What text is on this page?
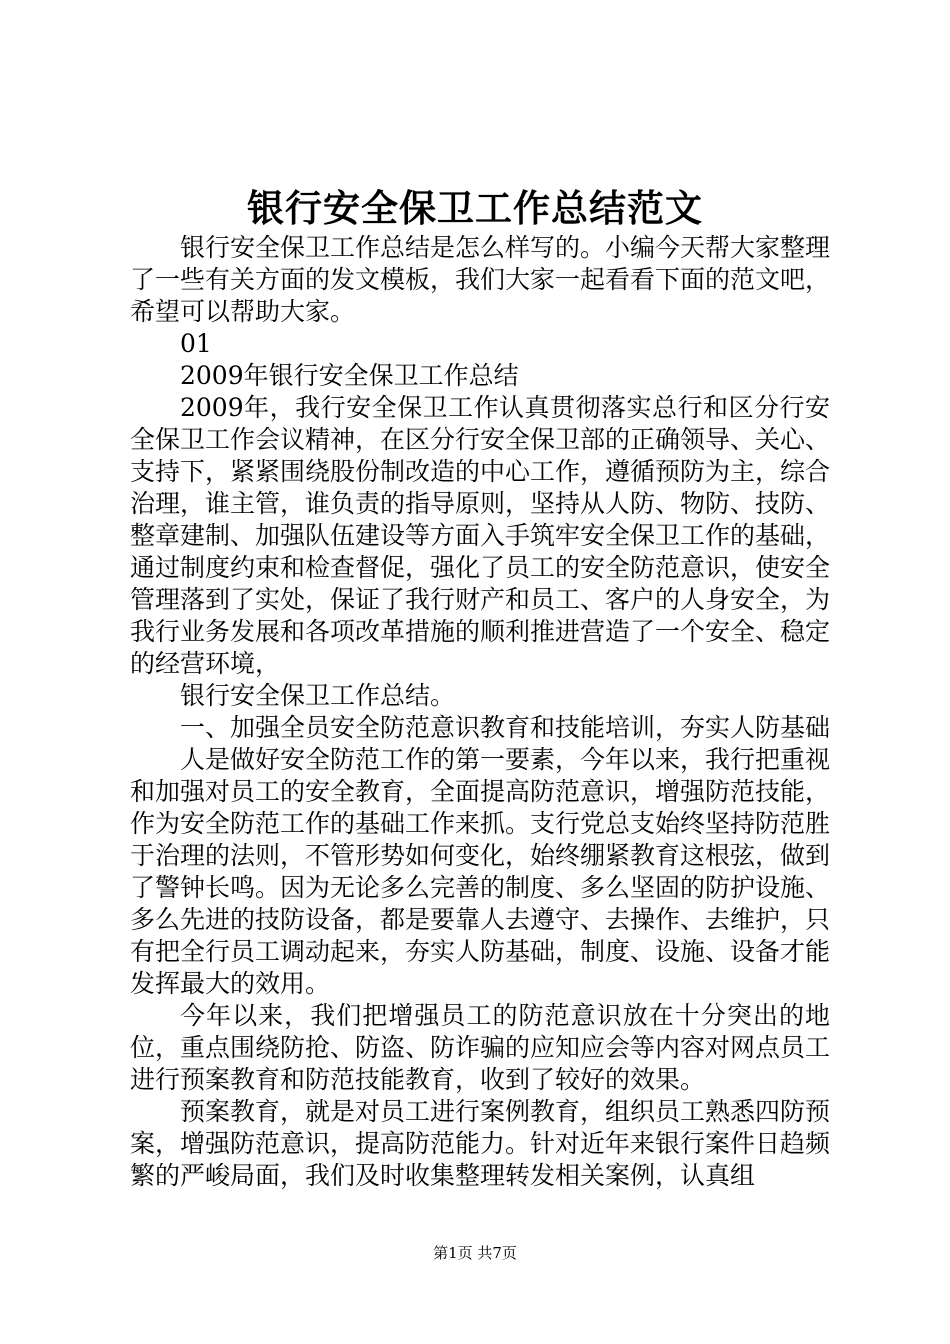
银行安全保卫工作总结范文

银行安全保卫工作总结是怎么样写的。小编今天帮大家整理了一些有关方面的发文模板，我们大家一起看看下面的范文吧，希望可以帮助大家。

01

2009年银行安全保卫工作总结

2009年，我行安全保卫工作认真贯彻落实总行和区分行安全保卫工作会议精神，在区分行安全保卫部的正确领导、关心、支持下，紧紧围绕股份制改造的中心工作，遵循预防为主，综合治理，谁主管，谁负责的指导原则，坚持从人防、物防、技防、整章建制、加强队伍建设等方面入手筑牢安全保卫工作的基础，通过制度约束和检查督促，强化了员工的安全防范意识，使安全管理落到了实处，保证了我行财产和员工、客户的人身安全，为我行业务发展和各项改革措施的顺利推进营造了一个安全、稳定的经营环境，

银行安全保卫工作总结。

一、加强全员安全防范意识教育和技能培训，夯实人防基础

人是做好安全防范工作的第一要素，今年以来，我行把重视和加强对员工的安全教育，全面提高防范意识，增强防范技能，作为安全防范工作的基础工作来抓。支行党总支始终坚持防范胜于治理的法则，不管形势如何变化，始终绷紧教育这根弦，做到了警钟长鸣。因为无论多么完善的制度、多么坚固的防护设施、多么先进的技防设备，都是要靠人去遵守、去操作、去维护，只有把全行员工调动起来，夯实人防基础，制度、设施、设备才能发挥最大的效用。

今年以来，我们把增强员工的防范意识放在十分突出的地位，重点围绕防抢、防盗、防诈骗的应知应会等内容对网点员工进行预案教育和防范技能教育，收到了较好的效果。

预案教育，就是对员工进行案例教育，组织员工熟悉四防预案，增强防范意识，提高防范能力。针对近年来银行案件日趋频繁的严峻局面，我们及时收集整理转发相关案例，认真组

第1页 共7页
